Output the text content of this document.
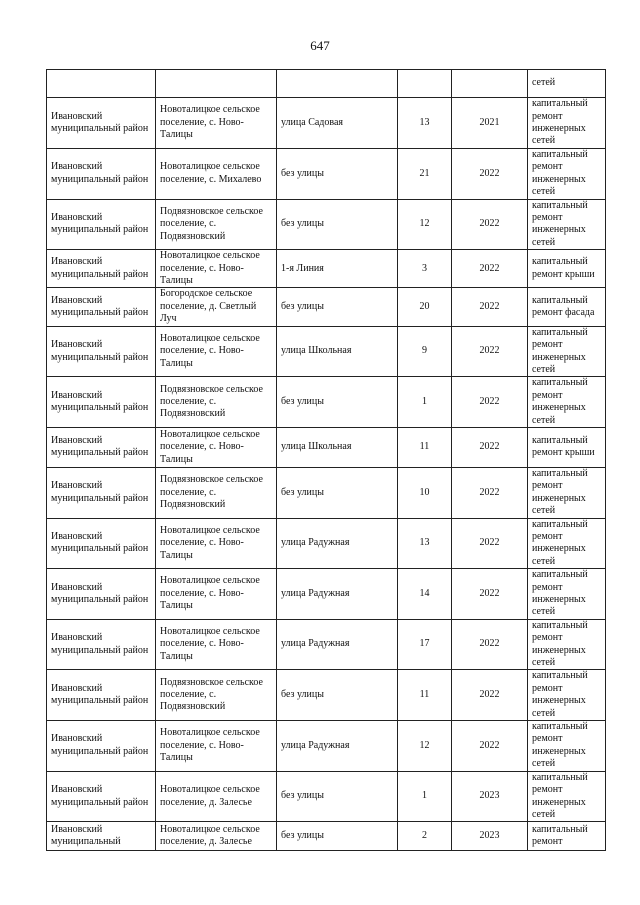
647
					сетей
Ивановский муниципальный район	Новоталицкое сельское поселение, с. Ново-Талицы	улица Садовая	13	2021	капитальный ремонт инженерных сетей
Ивановский муниципальный район	Новоталицкое сельское поселение, с. Михалево	без улицы	21	2022	капитальный ремонт инженерных сетей
Ивановский муниципальный район	Подвязновское сельское поселение, с. Подвязновский	без улицы	12	2022	капитальный ремонт инженерных сетей
Ивановский муниципальный район	Новоталицкое сельское поселение, с. Ново-Талицы	1-я Линия	3	2022	капитальный ремонт крыши
Ивановский муниципальный район	Богородское сельское поселение, д. Светлый Луч	без улицы	20	2022	капитальный ремонт фасада
Ивановский муниципальный район	Новоталицкое сельское поселение, с. Ново-Талицы	улица Школьная	9	2022	капитальный ремонт инженерных сетей
Ивановский муниципальный район	Подвязновское сельское поселение, с. Подвязновский	без улицы	1	2022	капитальный ремонт инженерных сетей
Ивановский муниципальный район	Новоталицкое сельское поселение, с. Ново-Талицы	улица Школьная	11	2022	капитальный ремонт крыши
Ивановский муниципальный район	Подвязновское сельское поселение, с. Подвязновский	без улицы	10	2022	капитальный ремонт инженерных сетей
Ивановский муниципальный район	Новоталицкое сельское поселение, с. Ново-Талицы	улица Радужная	13	2022	капитальный ремонт инженерных сетей
Ивановский муниципальный район	Новоталицкое сельское поселение, с. Ново-Талицы	улица Радужная	14	2022	капитальный ремонт инженерных сетей
Ивановский муниципальный район	Новоталицкое сельское поселение, с. Ново-Талицы	улица Радужная	17	2022	капитальный ремонт инженерных сетей
Ивановский муниципальный район	Подвязновское сельское поселение, с. Подвязновский	без улицы	11	2022	капитальный ремонт инженерных сетей
Ивановский муниципальный район	Новоталицкое сельское поселение, с. Ново-Талицы	улица Радужная	12	2022	капитальный ремонт инженерных сетей
Ивановский муниципальный район	Новоталицкое сельское поселение, д. Залесье	без улицы	1	2023	капитальный ремонт инженерных сетей
Ивановский муниципальный	Новоталицкое сельское поселение, д. Залесье	без улицы	2	2023	капитальный ремонт
